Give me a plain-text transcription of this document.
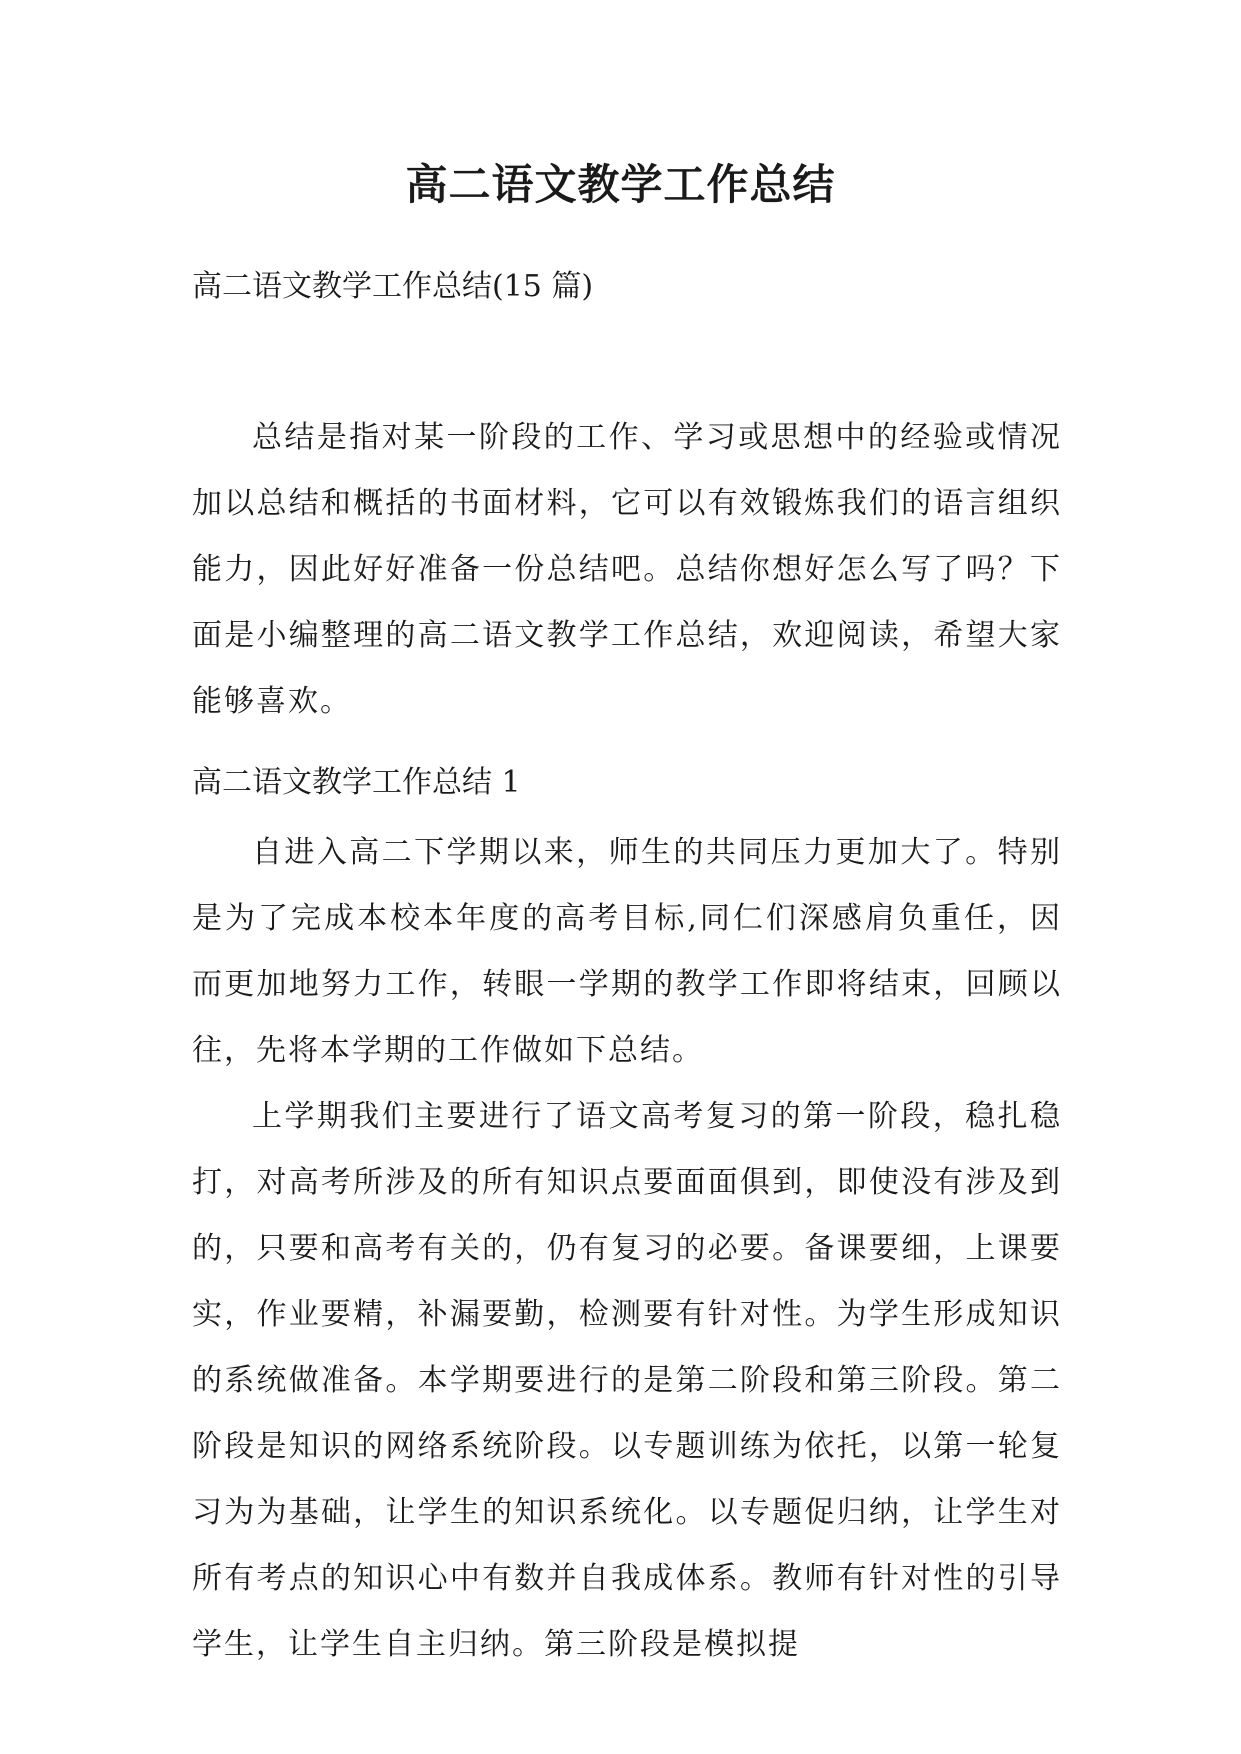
高二语文教学工作总结
高二语文教学工作总结(15 篇)

总结是指对某一阶段的工作、学习或思想中的经验或情况加以总结和概括的书面材料，它可以有效锻炼我们的语言组织能力，因此好好准备一份总结吧。总结你想好怎么写了吗？下面是小编整理的高二语文教学工作总结，欢迎阅读，希望大家能够喜欢。

高二语文教学工作总结 1

自进入高二下学期以来，师生的共同压力更加大了。特别是为了完成本校本年度的高考目标,同仁们深感肩负重任，因而更加地努力工作，转眼一学期的教学工作即将结束，回顾以往，先将本学期的工作做如下总结。

上学期我们主要进行了语文高考复习的第一阶段，稳扎稳打，对高考所涉及的所有知识点要面面俱到，即使没有涉及到的，只要和高考有关的，仍有复习的必要。备课要细，上课要实，作业要精，补漏要勤，检测要有针对性。为学生形成知识的系统做准备。本学期要进行的是第二阶段和第三阶段。第二阶段是知识的网络系统阶段。以专题训练为依托，以第一轮复习为为基础，让学生的知识系统化。以专题促归纳，让学生对所有考点的知识心中有数并自我成体系。教师有针对性的引导学生，让学生自主归纳。第三阶段是模拟提
